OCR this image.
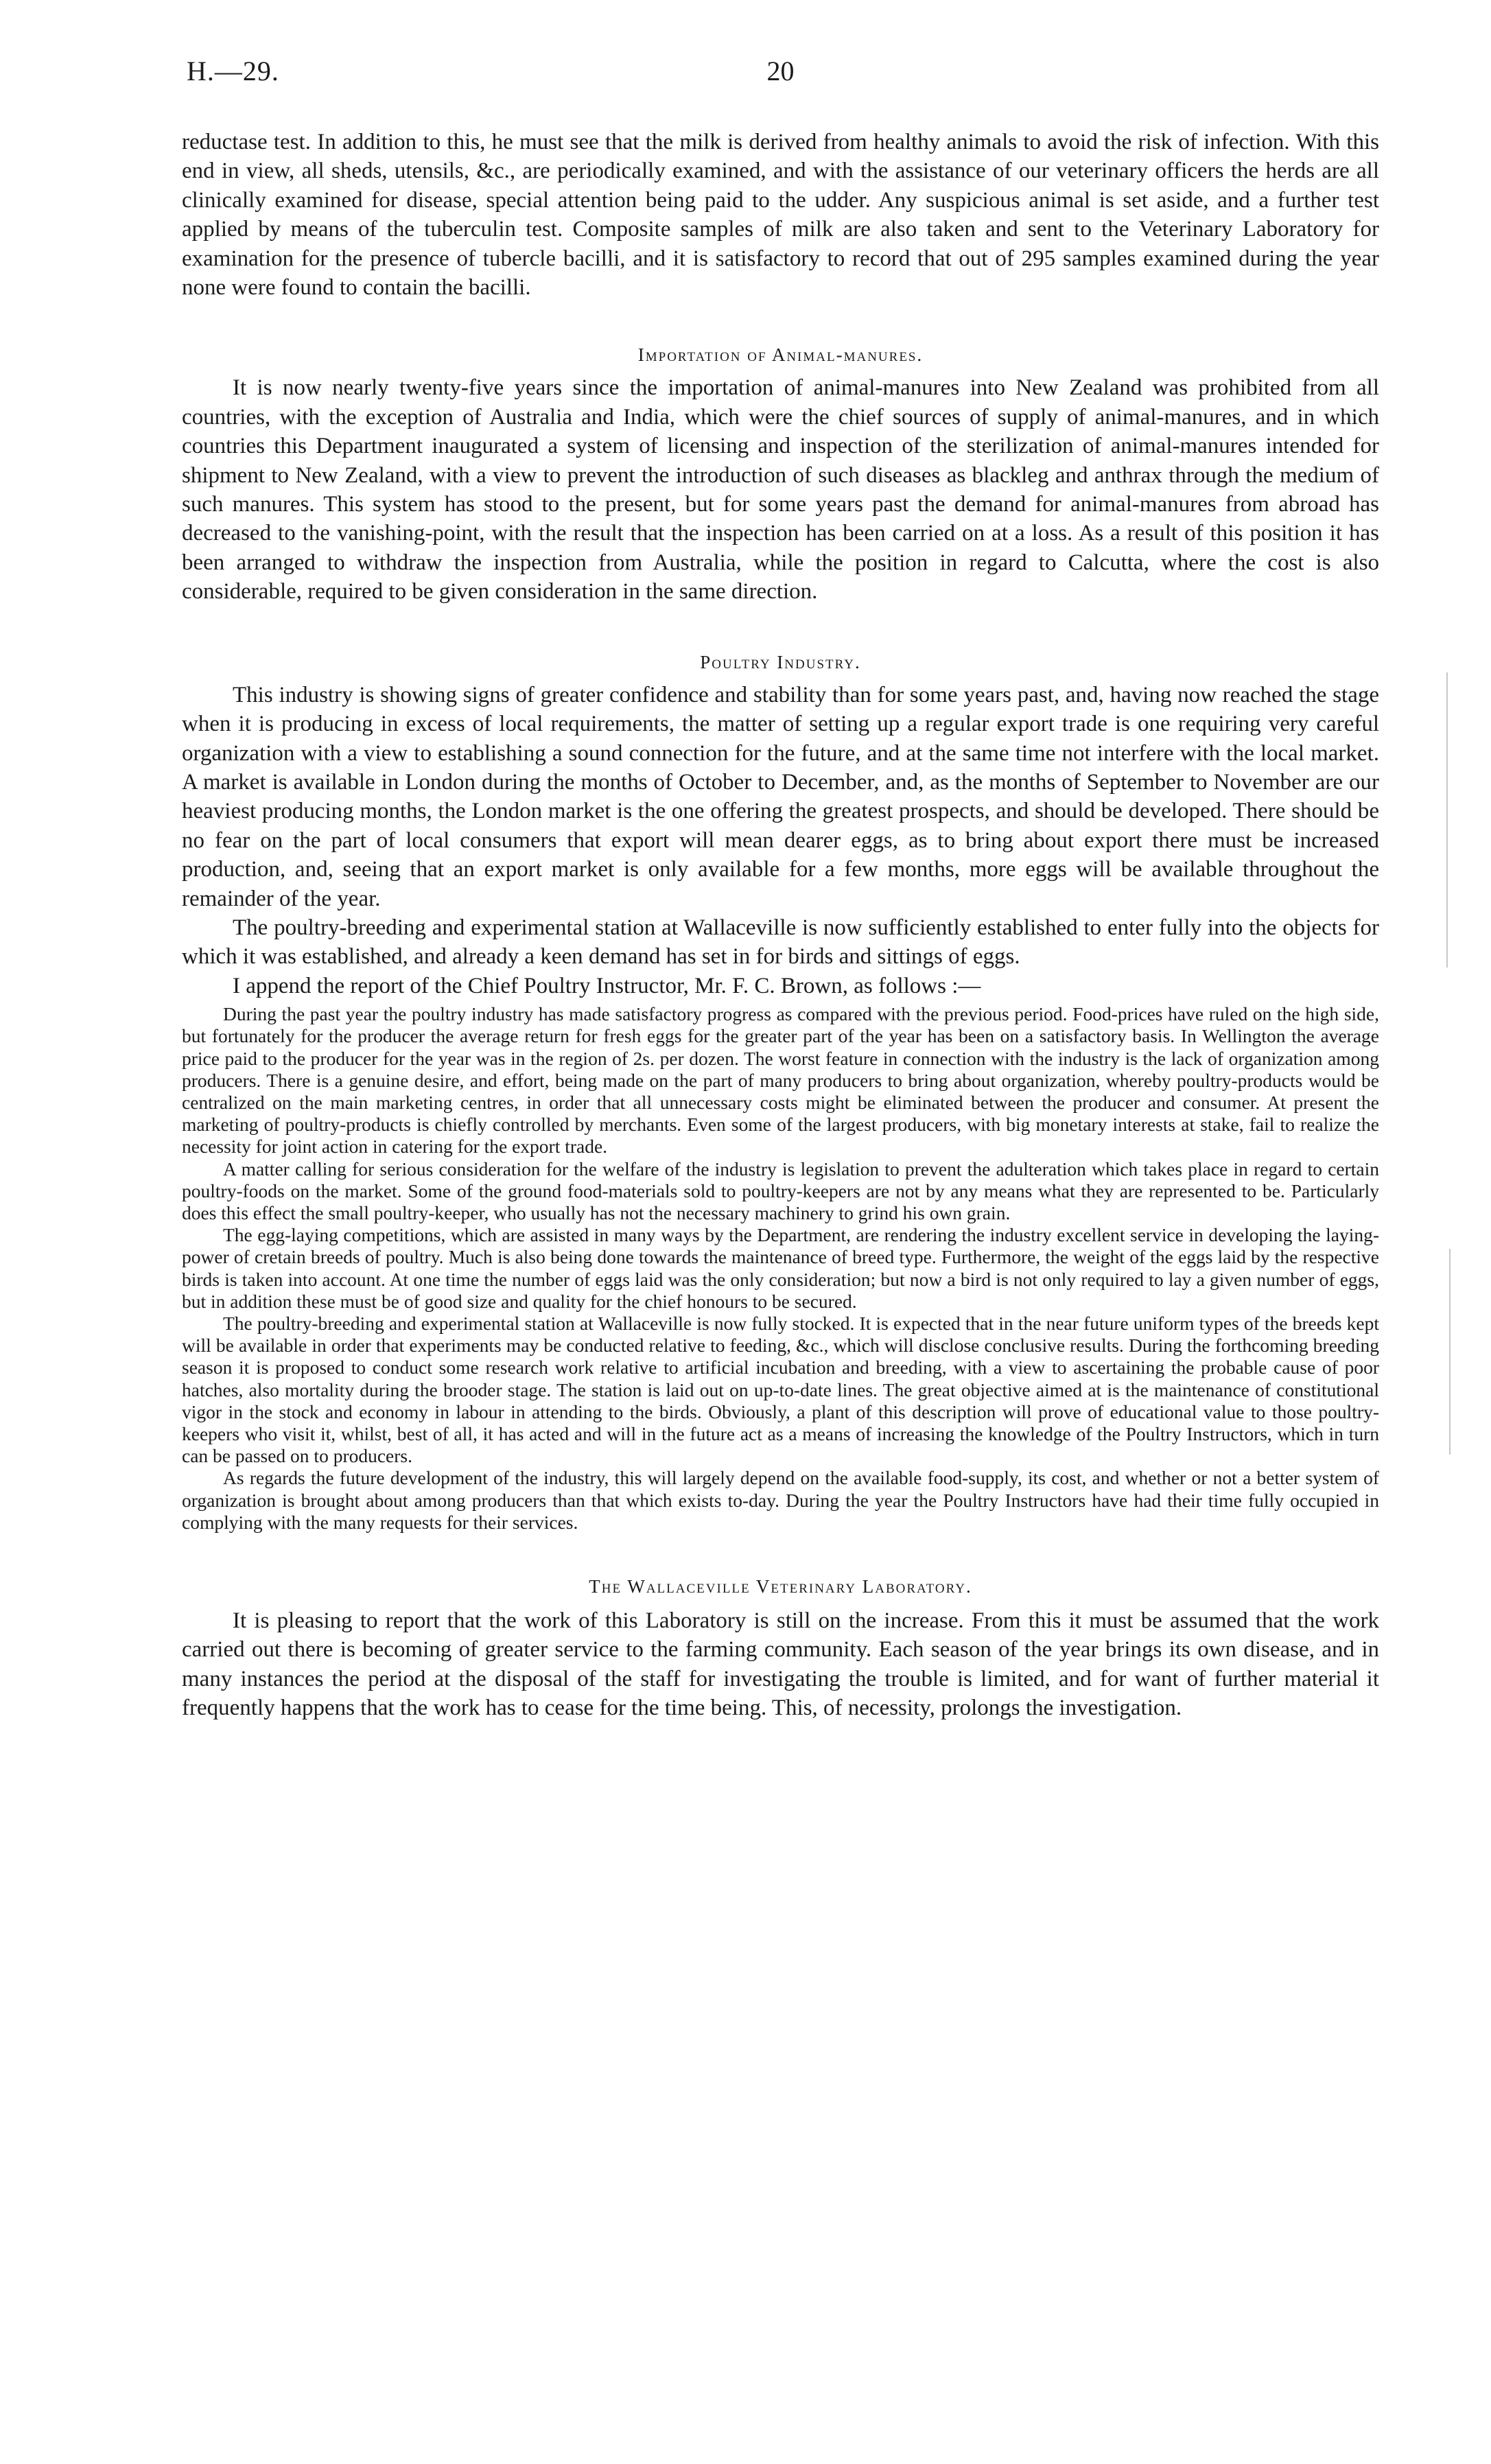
H.—29.	20

reductase test. In addition to this, he must see that the milk is derived from healthy animals to avoid the risk of infection. With this end in view, all sheds, utensils, &c., are periodically examined, and with the assistance of our veterinary officers the herds are all clinically examined for disease, special attention being paid to the udder. Any suspicious animal is set aside, and a further test applied by means of the tuberculin test. Composite samples of milk are also taken and sent to the Veterinary Laboratory for examination for the presence of tubercle bacilli, and it is satisfactory to record that out of 295 samples examined during the year none were found to contain the bacilli.

Importation of Animal-manures.

It is now nearly twenty-five years since the importation of animal-manures into New Zealand was prohibited from all countries, with the exception of Australia and India, which were the chief sources of supply of animal-manures, and in which countries this Department inaugurated a system of licensing and inspection of the sterilization of animal-manures intended for shipment to New Zealand, with a view to prevent the introduction of such diseases as blackleg and anthrax through the medium of such manures. This system has stood to the present, but for some years past the demand for animal-manures from abroad has decreased to the vanishing-point, with the result that the inspection has been carried on at a loss. As a result of this position it has been arranged to withdraw the inspection from Australia, while the position in regard to Calcutta, where the cost is also considerable, required to be given consideration in the same direction.

Poultry Industry.

This industry is showing signs of greater confidence and stability than for some years past, and, having now reached the stage when it is producing in excess of local requirements, the matter of setting up a regular export trade is one requiring very careful organization with a view to establishing a sound connection for the future, and at the same time not interfere with the local market. A market is available in London during the months of October to December, and, as the months of September to November are our heaviest producing months, the London market is the one offering the greatest prospects, and should be developed. There should be no fear on the part of local consumers that export will mean dearer eggs, as to bring about export there must be increased production, and, seeing that an export market is only available for a few months, more eggs will be available throughout the remainder of the year.

The poultry-breeding and experimental station at Wallaceville is now sufficiently established to enter fully into the objects for which it was established, and already a keen demand has set in for birds and sittings of eggs.

I append the report of the Chief Poultry Instructor, Mr. F. C. Brown, as follows :—

During the past year the poultry industry has made satisfactory progress as compared with the previous period. Food-prices have ruled on the high side, but fortunately for the producer the average return for fresh eggs for the greater part of the year has been on a satisfactory basis. In Wellington the average price paid to the producer for the year was in the region of 2s. per dozen. The worst feature in connection with the industry is the lack of organization among producers. There is a genuine desire, and effort, being made on the part of many producers to bring about organization, whereby poultry-products would be centralized on the main marketing centres, in order that all unnecessary costs might be eliminated between the producer and consumer. At present the marketing of poultry-products is chiefly controlled by merchants. Even some of the largest producers, with big monetary interests at stake, fail to realize the necessity for joint action in catering for the export trade.

A matter calling for serious consideration for the welfare of the industry is legislation to prevent the adulteration which takes place in regard to certain poultry-foods on the market. Some of the ground food-materials sold to poultry-keepers are not by any means what they are represented to be. Particularly does this effect the small poultry-keeper, who usually has not the necessary machinery to grind his own grain.

The egg-laying competitions, which are assisted in many ways by the Department, are rendering the industry excellent service in developing the laying-power of cretain breeds of poultry. Much is also being done towards the maintenance of breed type. Furthermore, the weight of the eggs laid by the respective birds is taken into account. At one time the number of eggs laid was the only consideration; but now a bird is not only required to lay a given number of eggs, but in addition these must be of good size and quality for the chief honours to be secured.

The poultry-breeding and experimental station at Wallaceville is now fully stocked. It is expected that in the near future uniform types of the breeds kept will be available in order that experiments may be conducted relative to feeding, &c., which will disclose conclusive results. During the forthcoming breeding season it is proposed to conduct some research work relative to artificial incubation and breeding, with a view to ascertaining the probable cause of poor hatches, also mortality during the brooder stage. The station is laid out on up-to-date lines. The great objective aimed at is the maintenance of constitutional vigor in the stock and economy in labour in attending to the birds. Obviously, a plant of this description will prove of educational value to those poultry-keepers who visit it, whilst, best of all, it has acted and will in the future act as a means of increasing the knowledge of the Poultry Instructors, which in turn can be passed on to producers.

As regards the future development of the industry, this will largely depend on the available food-supply, its cost, and whether or not a better system of organization is brought about among producers than that which exists to-day. During the year the Poultry Instructors have had their time fully occupied in complying with the many requests for their services.

The Wallaceville Veterinary Laboratory.

It is pleasing to report that the work of this Laboratory is still on the increase. From this it must be assumed that the work carried out there is becoming of greater service to the farming community. Each season of the year brings its own disease, and in many instances the period at the disposal of the staff for investigating the trouble is limited, and for want of further material it frequently happens that the work has to cease for the time being. This, of necessity, prolongs the investigation.
